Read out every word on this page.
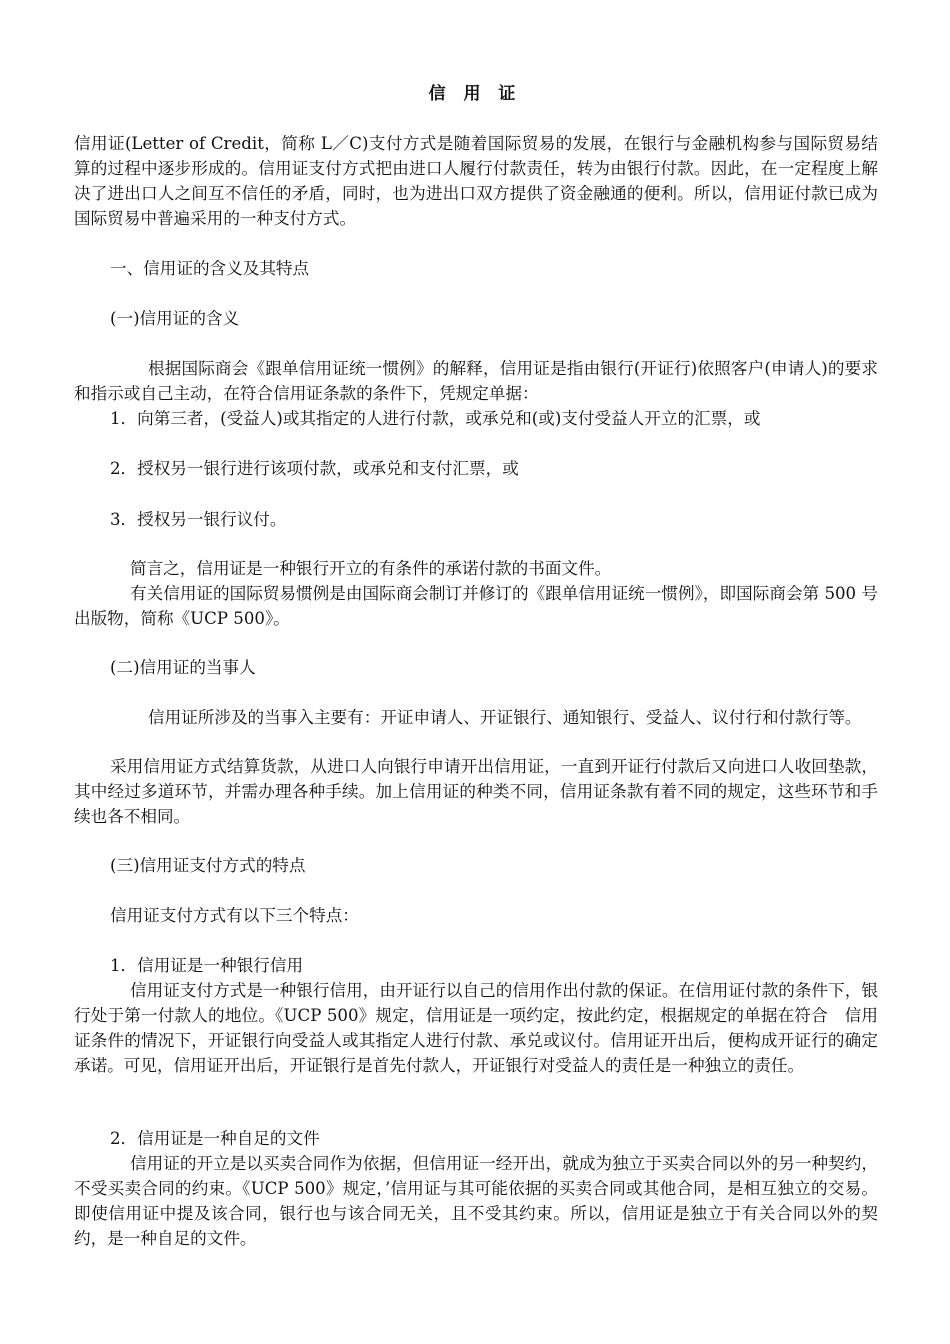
信 用 证

信用证(Letter of Credit，简称 L／C)支付方式是随着国际贸易的发展，在银行与金融机构参与国际贸易结算的过程中逐步形成的。信用证支付方式把由进口人履行付款责任，转为由银行付款。因此，在一定程度上解决了进出口人之间互不信任的矛盾，同时，也为进出口双方提供了资金融通的便利。所以，信用证付款已成为国际贸易中普遍采用的一种支付方式。

一、信用证的含义及其特点

(一)信用证的含义

根据国际商会《跟单信用证统一惯例》的解释，信用证是指由银行(开证行)依照客户(申请人)的要求和指示或自己主动，在符合信用证条款的条件下，凭规定单据：

1．向第三者，(受益人)或其指定的人进行付款，或承兑和(或)支付受益人开立的汇票，或

2．授权另一银行进行该项付款，或承兑和支付汇票，或

3．授权另一银行议付。

简言之，信用证是一种银行开立的有条件的承诺付款的书面文件。

有关信用证的国际贸易惯例是由国际商会制订并修订的《跟单信用证统一惯例》，即国际商会第 500 号出版物，简称《UCP 500》。

(二)信用证的当事人

信用证所涉及的当事入主要有：开证申请人、开证银行、通知银行、受益人、议付行和付款行等。

采用信用证方式结算货款，从进口人向银行申请开出信用证，一直到开证行付款后又向进口人收回垫款，其中经过多道环节，并需办理各种手续。加上信用证的种类不同，信用证条款有着不同的规定，这些环节和手续也各不相同。

(三)信用证支付方式的特点

信用证支付方式有以下三个特点：

1．信用证是一种银行信用

信用证支付方式是一种银行信用，由开证行以自己的信用作出付款的保证。在信用证付款的条件下，银行处于第一付款人的地位。《UCP 500》规定，信用证是一项约定，按此约定，根据规定的单据在符合　信用证条件的情况下，开证银行向受益人或其指定人进行付款、承兑或议付。信用证开出后，便构成开证行的确定承诺。可见，信用证开出后，开证银行是首先付款人，开证银行对受益人的责任是一种独立的责任。

2．信用证是一种自足的文件

信用证的开立是以买卖合同作为依据，但信用证一经开出，就成为独立于买卖合同以外的另一种契约，不受买卖合同的约束。《UCP 500》规定，’信用证与其可能依据的买卖合同或其他合同，是相互独立的交易。即使信用证中提及该合同，银行也与该合同无关，且不受其约束。所以，信用证是独立于有关合同以外的契约，是一种自足的文件。
